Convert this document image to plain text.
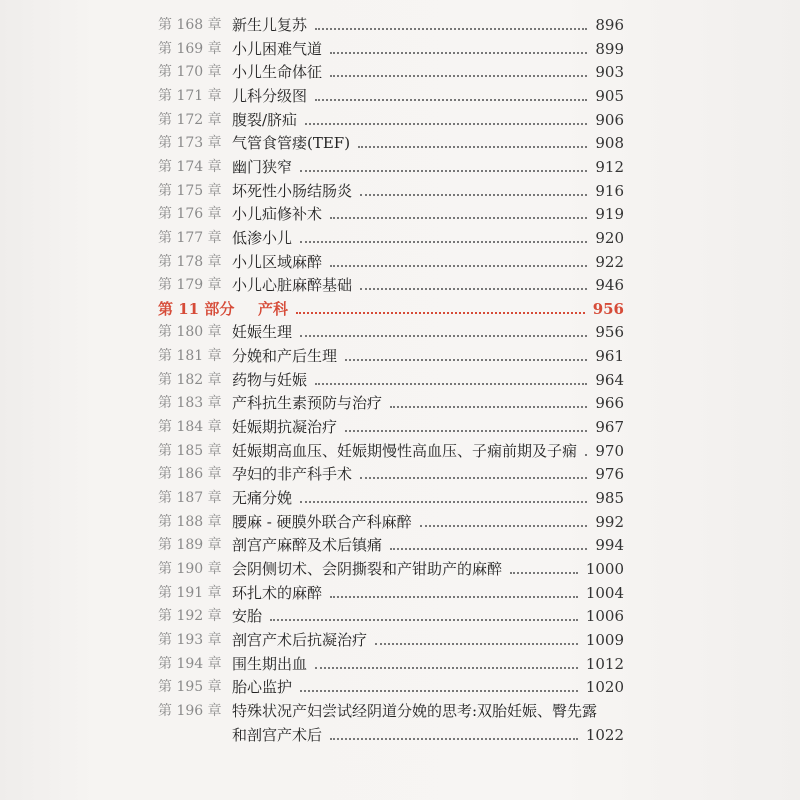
第 168 章 新生儿复苏	896
第 169 章 小儿困难气道	899
第 170 章 小儿生命体征	903
第 171 章 儿科分级图	905
第 172 章 腹裂/脐疝	906
第 173 章 气管食管瘘(TEF)	908
第 174 章 幽门狭窄	912
第 175 章 坏死性小肠结肠炎	916
第 176 章 小儿疝修补术	919
第 177 章 低渗小儿	920
第 178 章 小儿区域麻醉	922
第 179 章 小儿心脏麻醉基础	946
第 11 部分 产科	956
第 180 章 妊娠生理	956
第 181 章 分娩和产后生理	961
第 182 章 药物与妊娠	964
第 183 章 产科抗生素预防与治疗	966
第 184 章 妊娠期抗凝治疗	967
第 185 章 妊娠期高血压、妊娠期慢性高血压、子痫前期及子痫 970
第 186 章 孕妇的非产科手术	976
第 187 章 无痛分娩	985
第 188 章 腰麻 - 硬膜外联合产科麻醉	992
第 189 章 剖宫产麻醉及术后镇痛	994
第 190 章 会阴侧切术、会阴撕裂和产钳助产的麻醉	1000
第 191 章 环扎术的麻醉	1004
第 192 章 安胎	1006
第 193 章 剖宫产术后抗凝治疗	1009
第 194 章 围生期出血	1012
第 195 章 胎心监护	1020
第 196 章 特殊状况产妇尝试经阴道分娩的思考:双胎妊娠、臀先露
和剖宫产术后	1022
